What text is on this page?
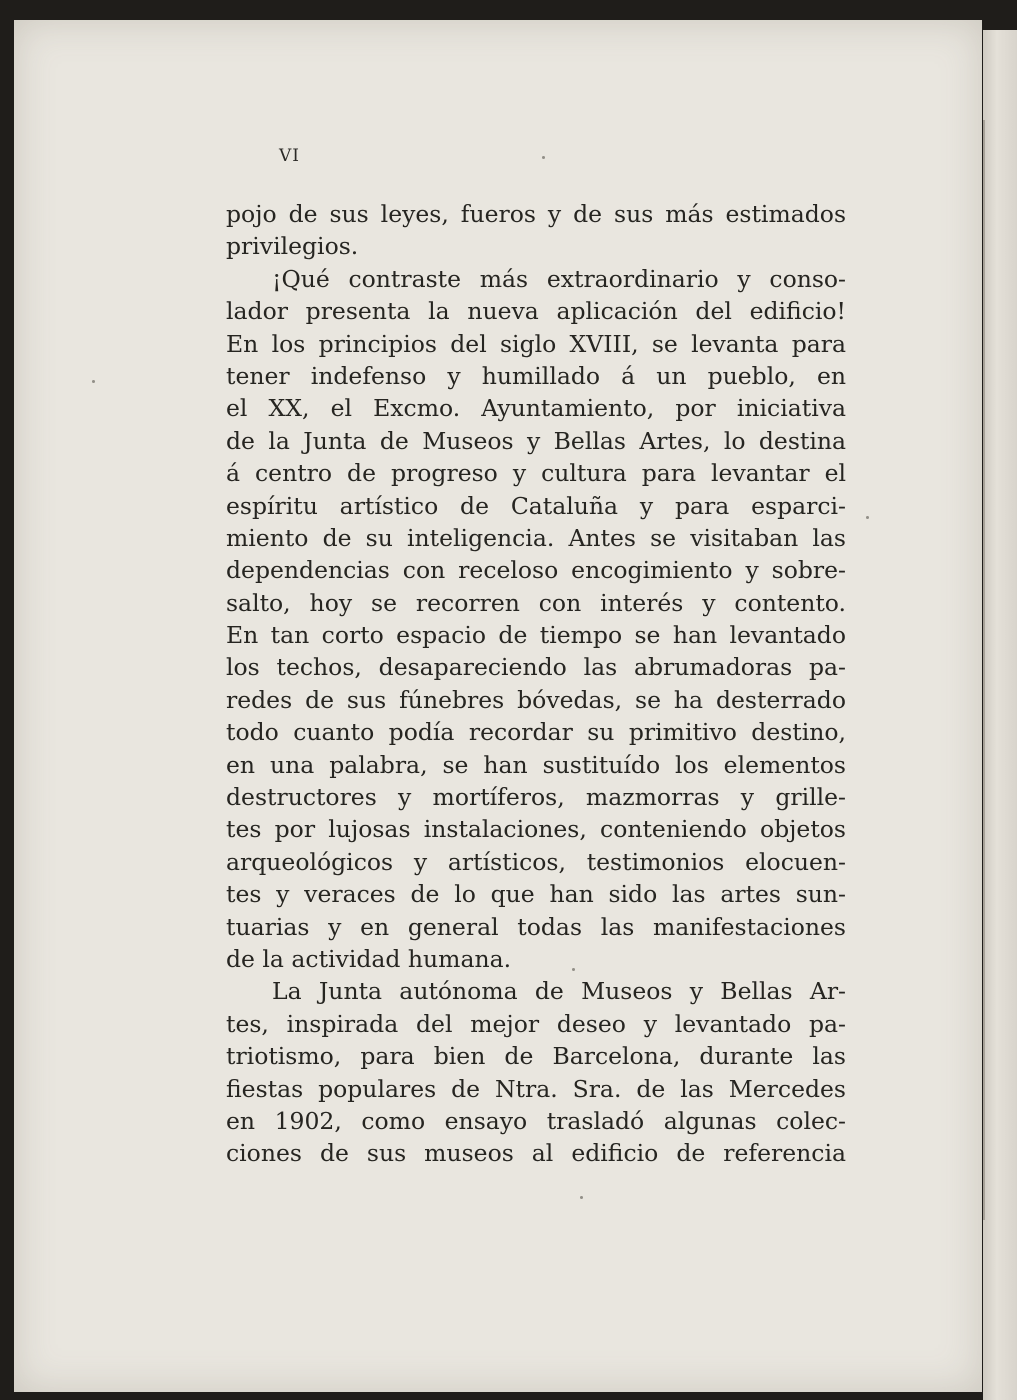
VI
pojo de sus leyes, fueros y de sus más estimados
privilegios.
¡Qué contraste más extraordinario y conso-
lador presenta la nueva aplicación del edificio!
En los principios del siglo XVIII, se levanta para
tener indefenso y humillado á un pueblo, en
el XX, el Excmo. Ayuntamiento, por iniciativa
de la Junta de Museos y Bellas Artes, lo destina
á centro de progreso y cultura para levantar el
espíritu artístico de Cataluña y para esparci-
miento de su inteligencia. Antes se visitaban las
dependencias con receloso encogimiento y sobre-
salto, hoy se recorren con interés y contento.
En tan corto espacio de tiempo se han levantado
los techos, desapareciendo las abrumadoras pa-
redes de sus fúnebres bóvedas, se ha desterrado
todo cuanto podía recordar su primitivo destino,
en una palabra, se han sustituído los elementos
destructores y mortíferos, mazmorras y grille-
tes por lujosas instalaciones, conteniendo objetos
arqueológicos y artísticos, testimonios elocuen-
tes y veraces de lo que han sido las artes sun-
tuarias y en general todas las manifestaciones
de la actividad humana.
La Junta autónoma de Museos y Bellas Ar-
tes, inspirada del mejor deseo y levantado pa-
triotismo, para bien de Barcelona, durante las
fiestas populares de Ntra. Sra. de las Mercedes
en 1902, como ensayo trasladó algunas colec-
ciones de sus museos al edificio de referencia
